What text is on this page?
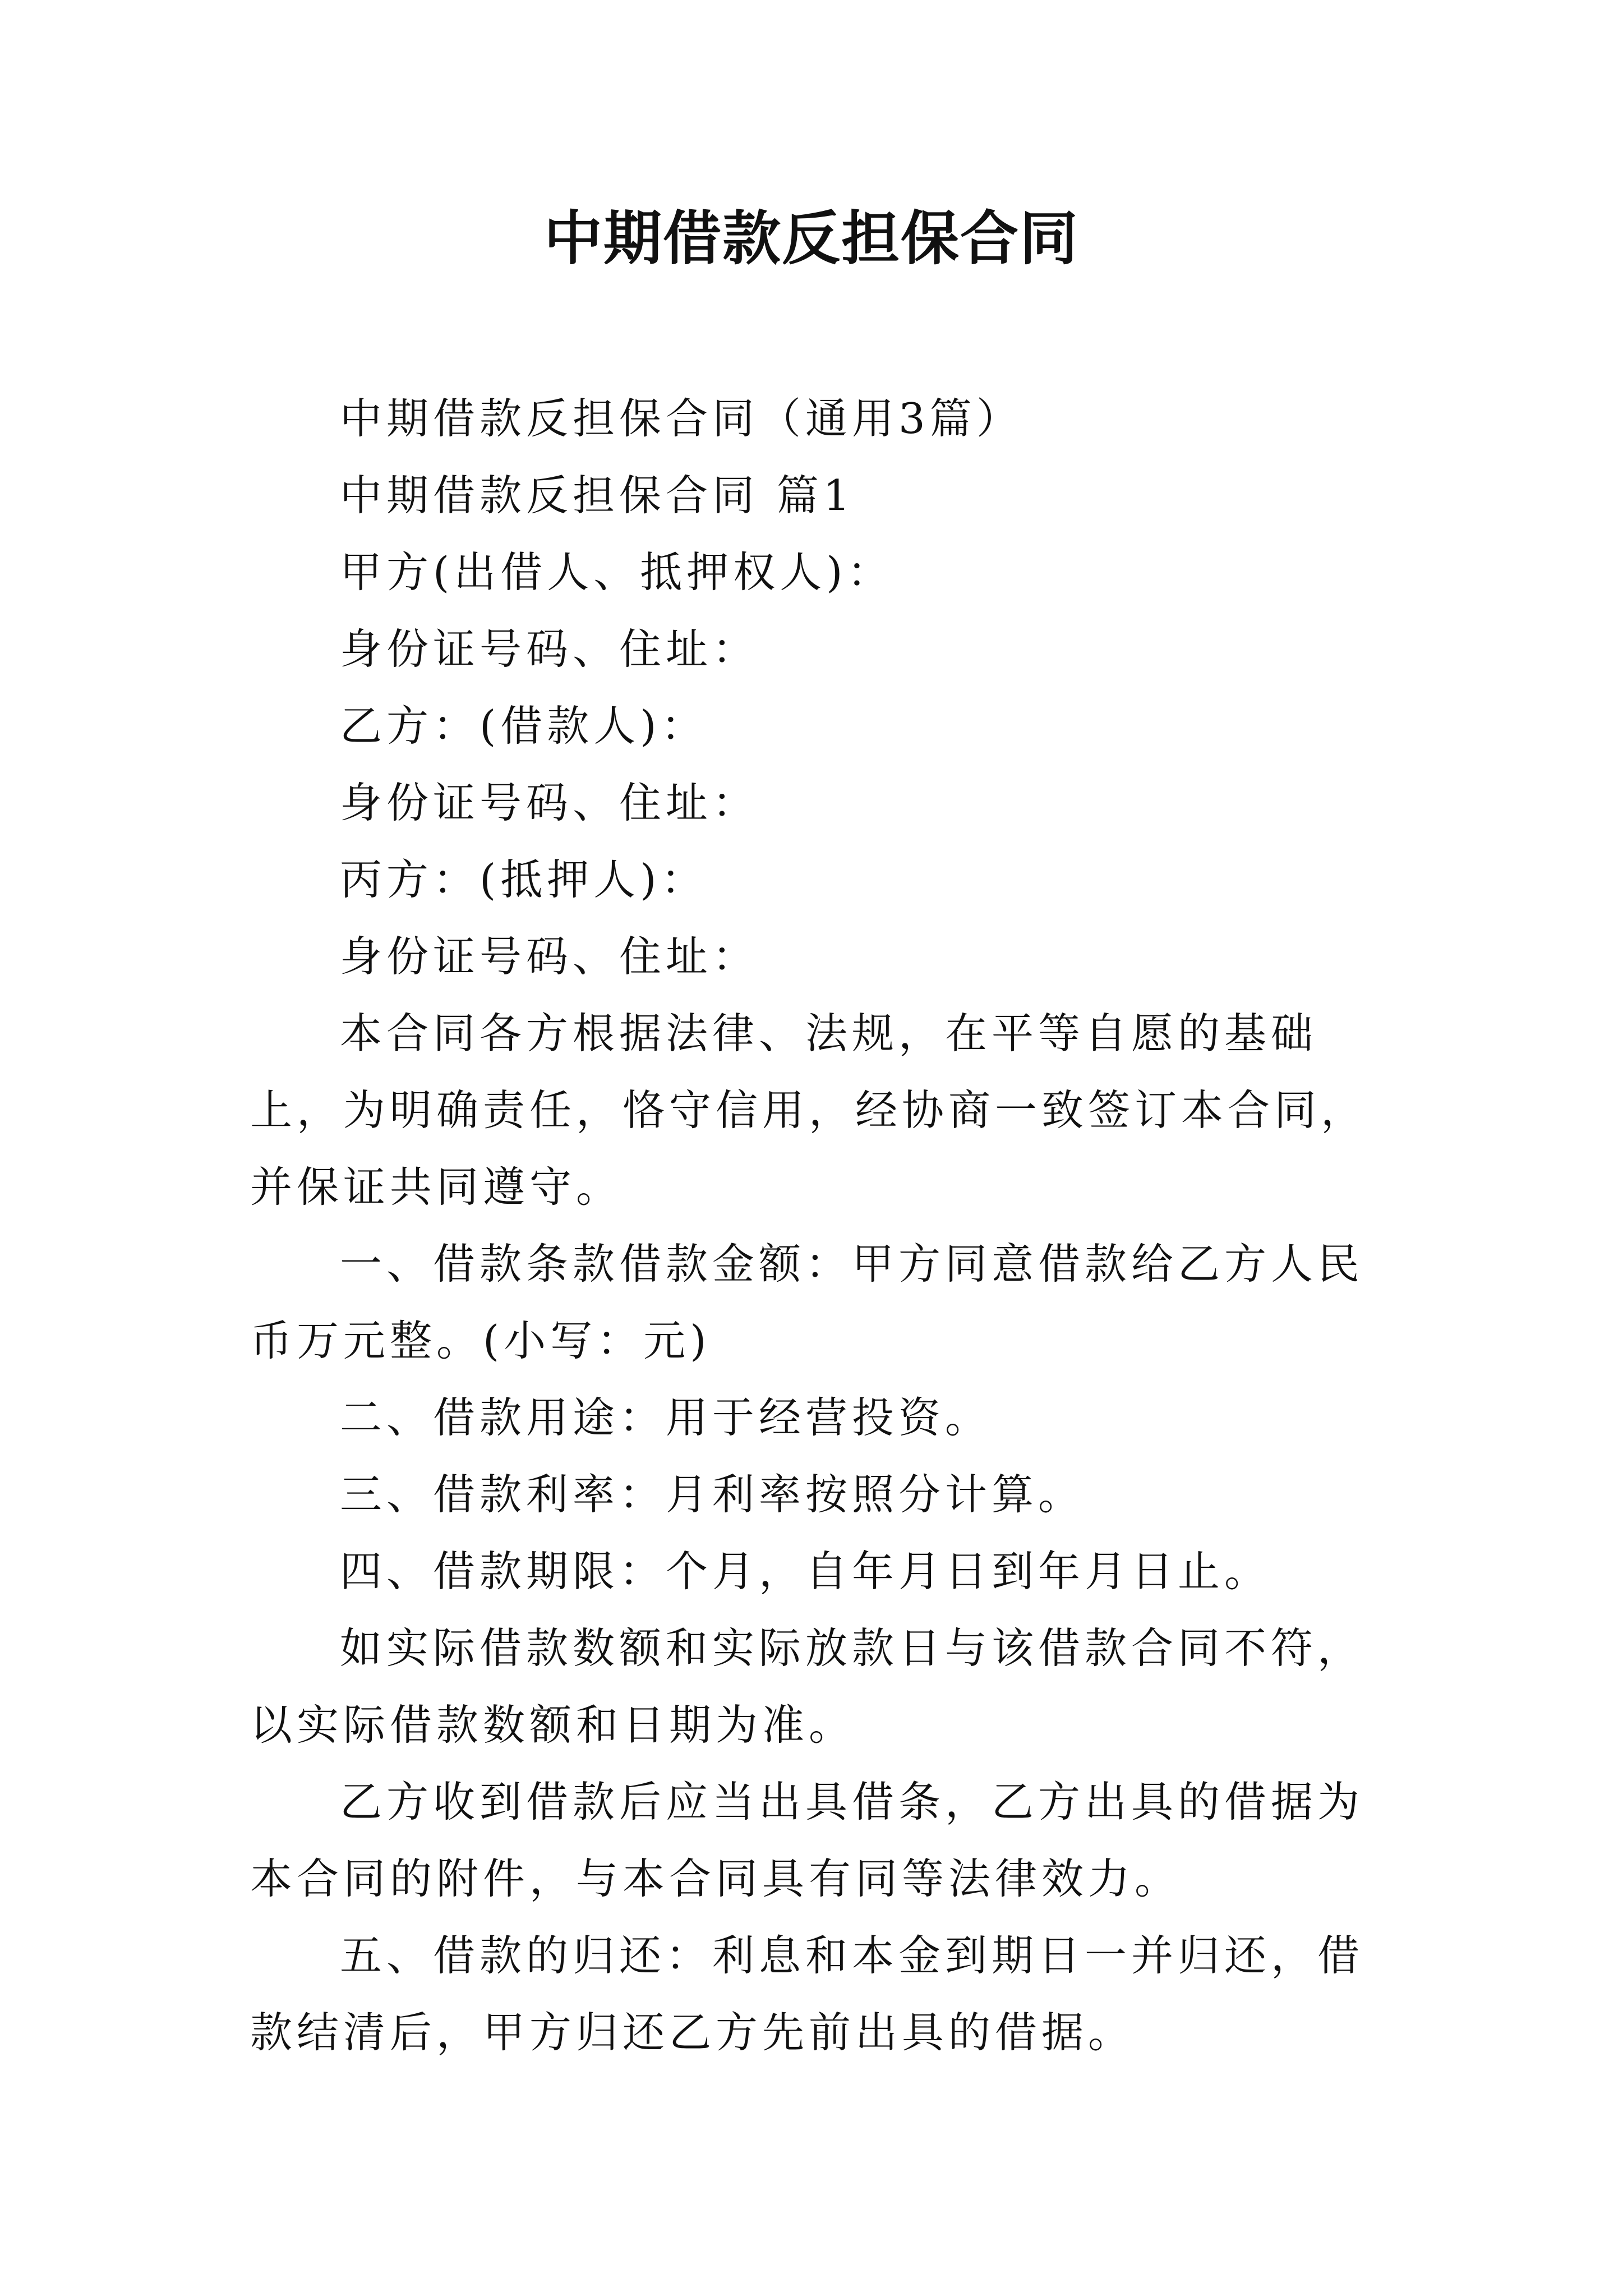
中期借款反担保合同

中期借款反担保合同（通用3篇）

中期借款反担保合同 篇1

甲方(出借人、抵押权人)：

身份证号码、住址：

乙方：(借款人)：

身份证号码、住址：

丙方：(抵押人)：

身份证号码、住址：

本合同各方根据法律、法规，在平等自愿的基础上，为明确责任，恪守信用，经协商一致签订本合同，并保证共同遵守。

一、借款条款借款金额：甲方同意借款给乙方人民币万元整。(小写：元)

二、借款用途：用于经营投资。

三、借款利率：月利率按照分计算。

四、借款期限：个月，自年月日到年月日止。

如实际借款数额和实际放款日与该借款合同不符，以实际借款数额和日期为准。

乙方收到借款后应当出具借条，乙方出具的借据为本合同的附件，与本合同具有同等法律效力。

五、借款的归还：利息和本金到期日一并归还，借款结清后，甲方归还乙方先前出具的借据。
